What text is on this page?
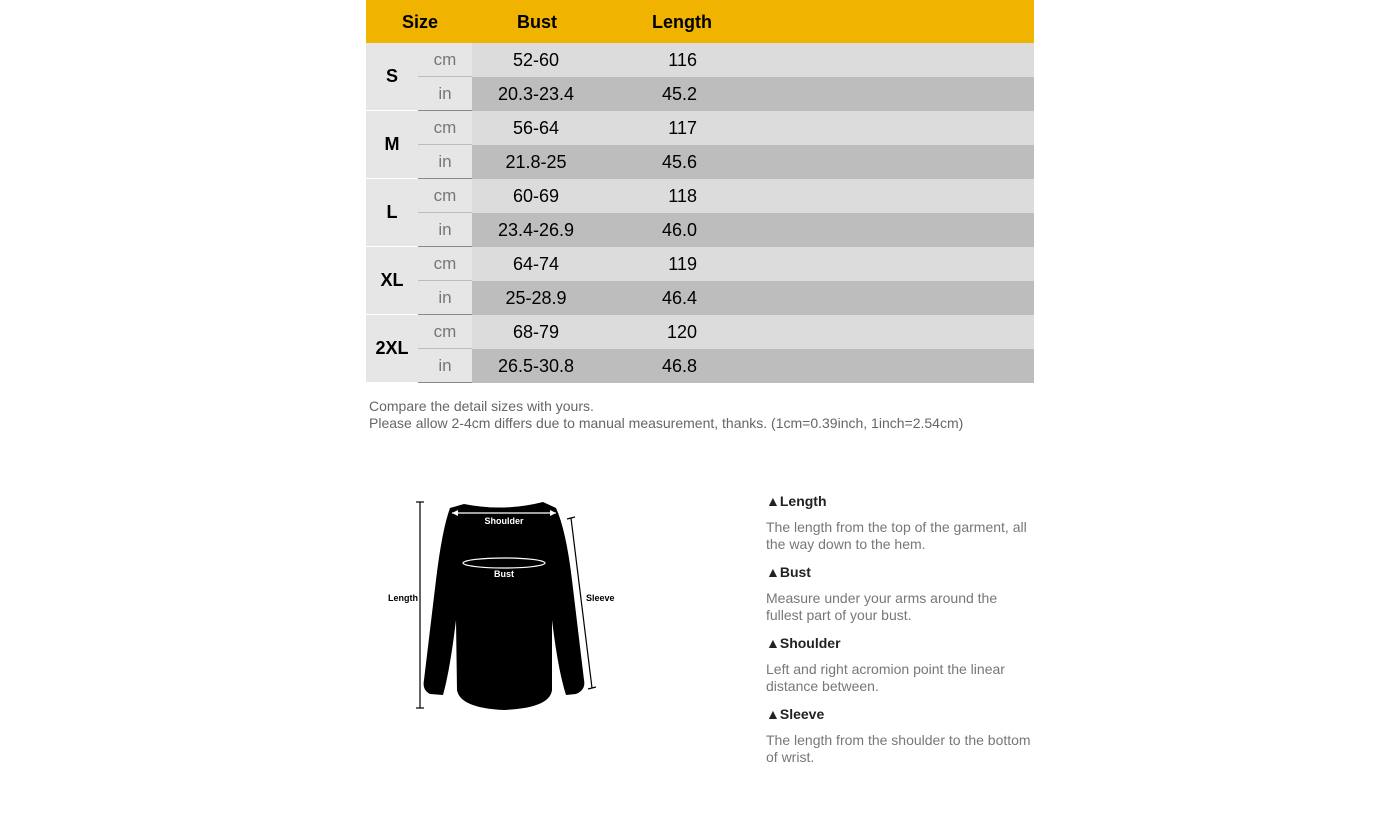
Size	Bust	Length
S
cm	52-60	116
in	20.3-23.4	45.2
M
cm	56-64	117
in	21.8-25	45.6
L
cm	60-69	118
in	23.4-26.9	46.0
XL
cm	64-74	119
in	25-28.9	46.4
2XL
cm	68-79	120
in	26.5-30.8	46.8
Compare the detail sizes with yours.
Please allow 2-4cm differs due to manual measurement, thanks. (1cm=0.39inch, 1inch=2.54cm)
Shoulder
Bust
Length	Sleeve
▲Length
The length from the top of the garment, all the way down to the hem.
▲Bust
Measure under your arms around the fullest part of your bust.
▲Shoulder
Left and right acromion point the linear distance between.
▲Sleeve
The length from the shoulder to the bottom of wrist.
